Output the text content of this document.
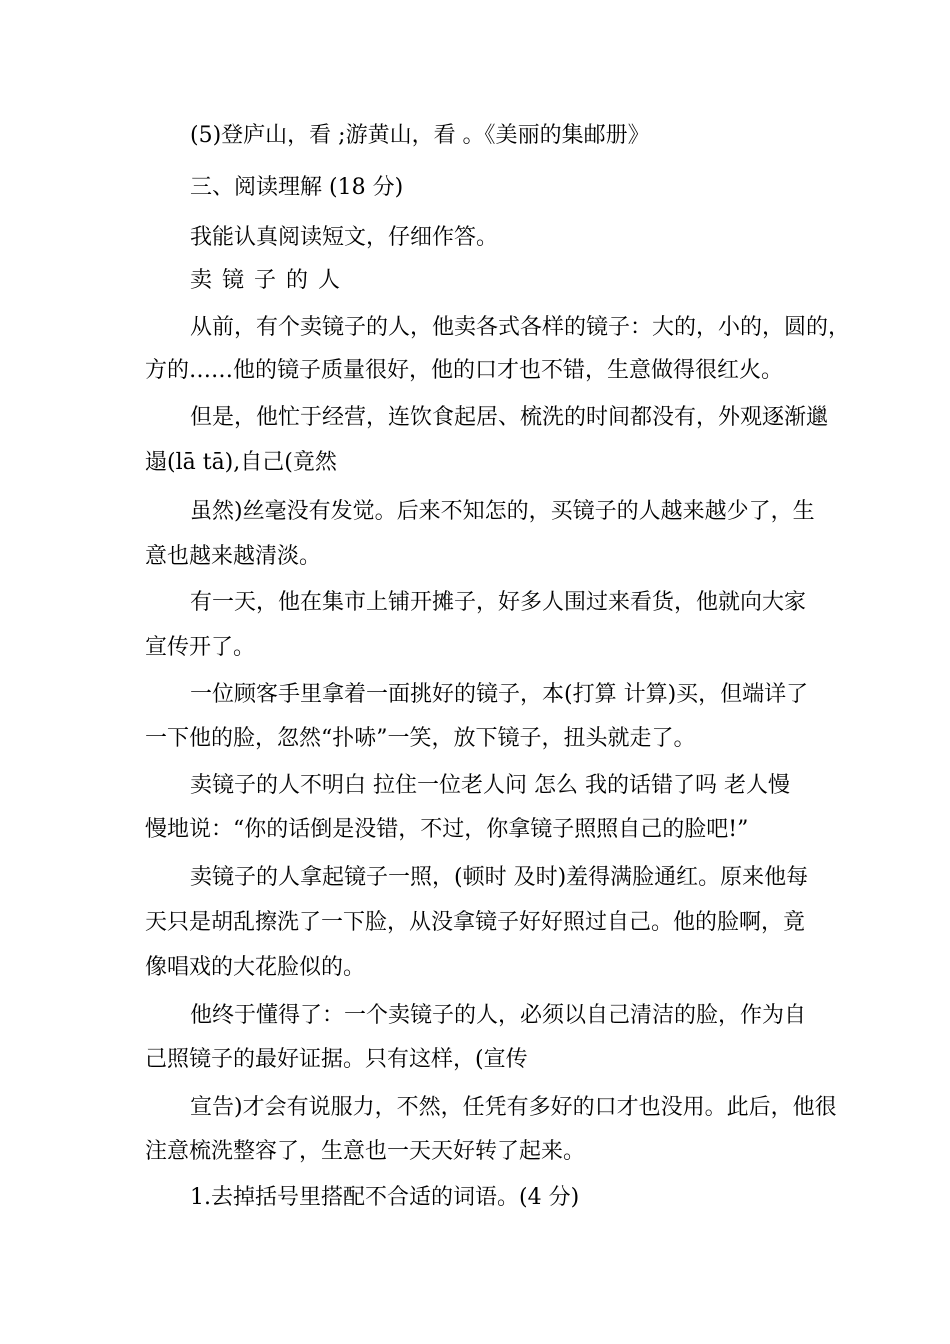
(5)登庐山，看 ;游黄山，看 。《美丽的集邮册》
三、阅读理解 (18 分)
我能认真阅读短文，仔细作答。
卖镜子的人
从前，有个卖镜子的人，他卖各式各样的镜子：大的，小的，圆的，
方的……他的镜子质量很好，他的口才也不错，生意做得很红火。
但是，他忙于经营，连饮食起居、梳洗的时间都没有，外观逐渐邋
遢(lā tā),自己(竟然
虽然)丝毫没有发觉。后来不知怎的，买镜子的人越来越少了，生
意也越来越清淡。
有一天，他在集市上铺开摊子，好多人围过来看货，他就向大家
宣传开了。
一位顾客手里拿着一面挑好的镜子，本(打算 计算)买，但端详了
一下他的脸，忽然“扑哧”一笑，放下镜子，扭头就走了。
卖镜子的人不明白 拉住一位老人问 怎么 我的话错了吗 老人慢
慢地说：“你的话倒是没错，不过，你拿镜子照照自己的脸吧!”
卖镜子的人拿起镜子一照，(顿时 及时)羞得满脸通红。原来他每
天只是胡乱擦洗了一下脸，从没拿镜子好好照过自己。他的脸啊，竟
像唱戏的大花脸似的。
他终于懂得了：一个卖镜子的人，必须以自己清洁的脸，作为自
己照镜子的最好证据。只有这样，(宣传
宣告)才会有说服力，不然，任凭有多好的口才也没用。此后，他很
注意梳洗整容了，生意也一天天好转了起来。
1.去掉括号里搭配不合适的词语。(4 分)
